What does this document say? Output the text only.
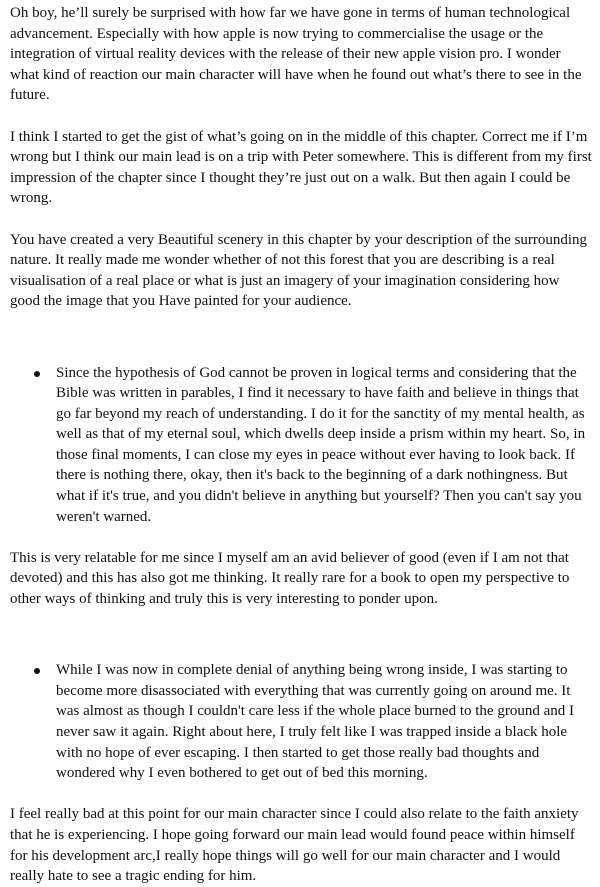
Oh boy, he’ll surely be surprised with how far we have gone in terms of human technological advancement. Especially with how apple is now trying to commercialise the usage or the integration of virtual reality devices with the release of their new apple vision pro. I wonder what kind of reaction our main character will have when he found out what’s there to see in the future.

I think I started to get the gist of what’s going on in the middle of this chapter. Correct me if I’m wrong but I think our main lead is on a trip with Peter somewhere. This is different from my first impression of the chapter since I thought they’re just out on a walk. But then again I could be wrong.

You have created a very Beautiful scenery in this chapter by your description of the surrounding nature. It really made me wonder whether of not this forest that you are describing is a real visualisation of a real place or what is just an imagery of your imagination considering how good the image that you Have painted for your audience.

Since the hypothesis of God cannot be proven in logical terms and considering that the Bible was written in parables, I find it necessary to have faith and believe in things that go far beyond my reach of understanding. I do it for the sanctity of my mental health, as well as that of my eternal soul, which dwells deep inside a prism within my heart. So, in those final moments, I can close my eyes in peace without ever having to look back. If there is nothing there, okay, then it's back to the beginning of a dark nothingness. But what if it's true, and you didn't believe in anything but yourself? Then you can't say you weren't warned.

This is very relatable for me since I myself am an avid believer of good (even if I am not that devoted) and this has also got me thinking. It really rare for a book to open my perspective to other ways of thinking and truly this is very interesting to ponder upon.

While I was now in complete denial of anything being wrong inside, I was starting to become more disassociated with everything that was currently going on around me. It was almost as though I couldn't care less if the whole place burned to the ground and I never saw it again. Right about here, I truly felt like I was trapped inside a black hole with no hope of ever escaping. I then started to get those really bad thoughts and wondered why I even bothered to get out of bed this morning.

I feel really bad at this point for our main character since I could also relate to the faith anxiety that he is experiencing. I hope going forward our main lead would found peace within himself for his development arc,I really hope things will go well for our main character and I would really hate to see a tragic ending for him.
